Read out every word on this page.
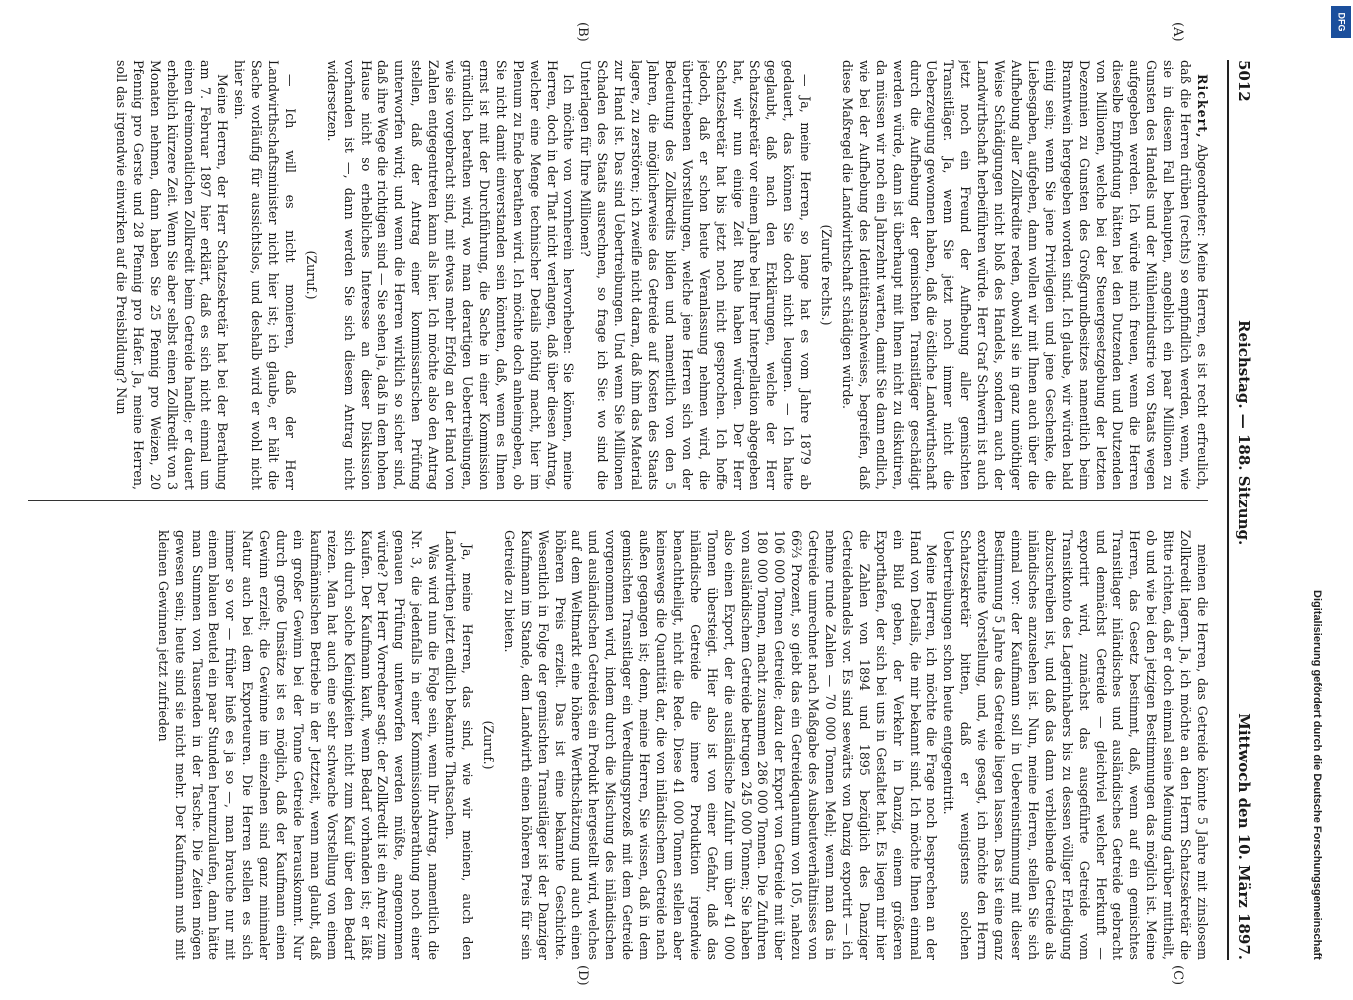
5012
Reichstag. — 188. Sitzung.
Mittwoch den 10. März 1897.
(A)
(B)
(C)
(D)

Rickert, Abgeordneter: Meine Herren, es ist recht erfreulich, daß die Herren drüben (rechts) so empfindlich werden, wenn, wie sie in diesem Fall behaupten, angeblich ein paar Millionen zu Gunsten des Handels und der Mühlenindustrie von Staats wegen aufgegeben werden. Ich würde mich freuen, wenn die Herren dieselbe Empfindung hätten bei den Dutzenden und Dutzenden von Millionen, welche bei der Steuergesetzgebung der letzten Dezennien zu Gunsten des Großgrundbesitzes namentlich beim Branntwein hergegeben worden sind. Ich glaube, wir würden bald einig sein; wenn Sie jene Privilegien und jene Geschenke, die Liebesgaben, aufgeben, dann wollen wir mit Ihnen auch über die Aufhebung aller Zollkredite reden, obwohl sie in ganz unnöthiger Weise Schädigungen nicht bloß des Handels, sondern auch der Landwirthschaft herbeiführen würde. Herr Graf Schwerin ist auch jetzt noch ein Freund der Aufhebung aller gemischten Transitläger. Ja, wenn Sie jetzt noch immer nicht die Ueberzeugung gewonnen haben, daß die östliche Landwirthschaft durch die Aufhebung der gemischten Transitläger geschädigt werden würde, dann ist überhaupt mit Ihnen nicht zu diskutiren, da müssen wir noch ein Jahrzehnt warten, damit Sie dann endlich, wie bei der Aufhebung des Identitätsnachweises, begreifen, daß diese Maßregel die Landwirthschaft schädigen würde.

(Zurufe rechts.)

— Ja, meine Herren, so lange hat es vom Jahre 1879 ab gedauert, das können Sie doch nicht leugnen. — Ich hatte geglaubt, daß nach den Erklärungen, welche der Herr Schatzsekretär vor einem Jahre bei Ihrer Interpellation abgegeben hat, wir nun einige Zeit Ruhe haben würden. Der Herr Schatzsekretär hat bis jetzt noch nicht gesprochen. Ich hoffe jedoch, daß er schon heute Veranlassung nehmen wird, die übertriebenen Vorstellungen, welche jene Herren sich von der Bedeutung des Zollkredits bilden und namentlich von den 5 Jahren, die möglicherweise das Getreide auf Kosten des Staats lagere, zu zerstören; ich zweifle nicht daran, daß ihm das Material zur Hand ist. Das sind Uebertreibungen. Und wenn Sie Millionen Schaden des Staats ausrechnen, so frage ich Sie: wo sind die Unterlagen für Ihre Millionen?

Ich möchte von vornherein hervorheben: Sie können, meine Herren, doch in der That nicht verlangen, daß über diesen Antrag, welcher eine Menge technischer Details nöthig macht, hier im Plenum zu Ende berathen wird. Ich möchte doch anheimgeben, ob Sie nicht damit einverstanden sein könnten, daß, wenn es Ihnen ernst ist mit der Durchführung, die Sache in einer Kommission gründlich berathen wird, wo man derartigen Uebertreibungen, wie sie vorgebracht sind, mit etwas mehr Erfolg an der Hand von Zahlen entgegentreten kann als hier. Ich möchte also den Antrag stellen, daß der Antrag einer kommissarischen Prüfung unterworfen wird; und wenn die Herren wirklich so sicher sind, daß ihre Wege die richtigen sind — Sie sehen ja, daß in dem hohen Hause nicht so erhebliches Interesse an dieser Diskussion vorhanden ist —, dann werden Sie sich diesem Antrag nicht widersetzen.

(Zuruf.)

— Ich will es nicht monieren, daß der Herr Landwirthschaftsminister nicht hier ist; ich glaube, er hält die Sache vorläufig für aussichtslos, und deshalb wird er wohl nicht hier sein.

Meine Herren, der Herr Schatzsekretär hat bei der Berathung am 7. Februar 1897 hier erklärt, daß es sich nicht einmal um einen dreimonatlichen Zollkredit beim Getreide handle; er dauert erheblich kürzere Zeit. Wenn Sie aber selbst einen Zollkredit von 3 Monaten nehmen, dann haben Sie 25 Pfennig pro Weizen, 20 Pfennig pro Gerste und 28 Pfennig pro Hafer. Ja, meine Herren, soll das irgendwie einwirken auf die Preisbildung? Nun

meinen die Herren, das Getreide könnte 5 Jahre mit zinslosem Zollkredit lagern. Ja, ich möchte an den Herrn Schatzsekretär die Bitte richten, daß er doch einmal seine Meinung darüber mittheilt, ob und wie bei den jetzigen Bestimmungen das möglich ist. Meine Herren, das Gesetz bestimmt, daß, wenn auf ein gemischtes Transitlager inländisches und ausländisches Getreide gebracht und demnächst Getreide — gleichviel welcher Herkunft — exportirt wird, zunächst das ausgeführte Getreide vom Transitkonto des Lagerinhabers bis zu dessen völliger Erledigung abzuschreiben ist, und daß das dann verbleibende Getreide als inländisches anzusehen ist. Nun, meine Herren, stellen Sie sich einmal vor: der Kaufmann soll in Uebereinstimmung mit dieser Bestimmung 5 Jahre das Getreide liegen lassen. Das ist eine ganz exorbitante Vorstellung, und, wie gesagt, ich möchte den Herrn Schatzsekretär bitten, daß er wenigstens solchen Uebertreibungen schon heute entgegentritt.

Meine Herren, ich möchte die Frage noch besprechen an der Hand von Details, die mir bekannt sind. Ich möchte Ihnen einmal ein Bild geben, der Verkehr in Danzig, einem größeren Exporthafen, der sich bei uns in Gestaltet hat. Es liegen mir hier die Zahlen von 1894 und 1895 bezüglich des Danziger Getreidehandels vor. Es sind seewärts von Danzig exportirt — ich nehme runde Zahlen — 70 000 Tonnen Mehl; wenn man das in Getreide umrechnet nach Maßgabe des Ausbeuteverhältnisses von 66⅔ Prozent, so giebt das ein Getreidequantum von 105, nahezu 106 000 Tonnen Getreide; dazu der Export von Getreide mit über 180 000 Tonnen, macht zusammen 286 000 Tonnen. Die Zufuhren von ausländischem Getreide betrugen 245 000 Tonnen; Sie haben also einen Export, der die ausländische Zufuhr um über 41 000 Tonnen übersteigt. Hier also ist von einer Gefahr, daß das inländische Getreide die innere Produktion irgendwie benachtheiligt, nicht die Rede. Diese 41 000 Tonnen stellen aber keineswegs die Quantität dar, die von inländischem Getreide nach außen gegangen ist; denn, meine Herren, Sie wissen, daß in dem gemischten Transitlager ein Veredlungsprozeß mit dem Getreide vorgenommen wird, indem durch die Mischung des inländischen und ausländischen Getreides ein Produkt hergestellt wird, welches auf dem Weltmarkt eine höhere Werthschätzung und auch einen höheren Preis erzielt. Das ist eine bekannte Geschichte. Wesentlich in Folge der gemischten Transitläger ist der Danziger Kaufmann im Stande, dem Landwirth einen höheren Preis für sein Getreide zu bieten.

(Zuruf.)

Ja, meine Herren, das sind, wie wir meinen, auch den Landwirthen jetzt endlich bekannte Thatsachen.

Was wird nun die Folge sein, wenn Ihr Antrag, namentlich die Nr. 3, die jedenfalls in einer Kommissionsberathung noch einer genauen Prüfung unterworfen werden müßte, angenommen würde? Der Herr Vorredner sagt: der Zollkredit ist ein Anreiz zum Kaufen. Der Kaufmann kauft, wenn Bedarf vorhanden ist; er läßt sich durch solche Kleinigkeiten nicht zum Kauf über den Bedarf reizen. Man hat auch eine sehr schwache Vorstellung von einem kaufmännischen Betriebe in der Jetztzeit, wenn man glaubt, daß ein großer Gewinn bei der Tonne Getreide herauskommt. Nur durch große Umsätze ist es möglich, daß der Kaufmann einen Gewinn erzielt; die Gewinne im einzelnen sind ganz minimaler Natur auch bei dem Exporteuren. Die Herren stellen es sich immer so vor — früher hieß es ja so —, man brauche nur mit einem blauen Beutel ein paar Stunden herumzulaufen, dann hätte man Summen von Tausenden in der Tasche. Die Zeiten mögen gewesen sein; heute sind sie nicht mehr. Der Kaufmann muß mit kleinen Gewinnen jetzt zufrieden	Digitalisierung gefördert durch die Deutsche Forschungsgemeinschaft
DFG
